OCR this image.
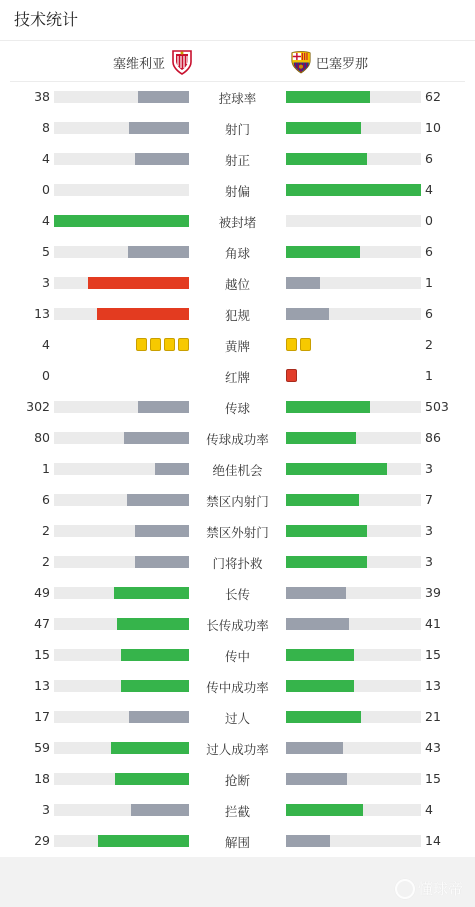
技术统计
塞维利亚	巴塞罗那
38	控球率	62
8	射门	10
4	射正	6
0	射偏	4
4	被封堵	0
5	角球	6
3	越位	1
13	犯规	6
4	黄牌	2
0	红牌	1
302	传球	503
80	传球成功率	86
1	绝佳机会	3
6	禁区内射门	7
2	禁区外射门	3
2	门将扑救	3
49	长传	39
47	长传成功率	41
15	传中	15
13	传中成功率	13
17	过人	21
59	过人成功率	43
18	抢断	15
3	拦截	4
29	解围	14
懂球帝
